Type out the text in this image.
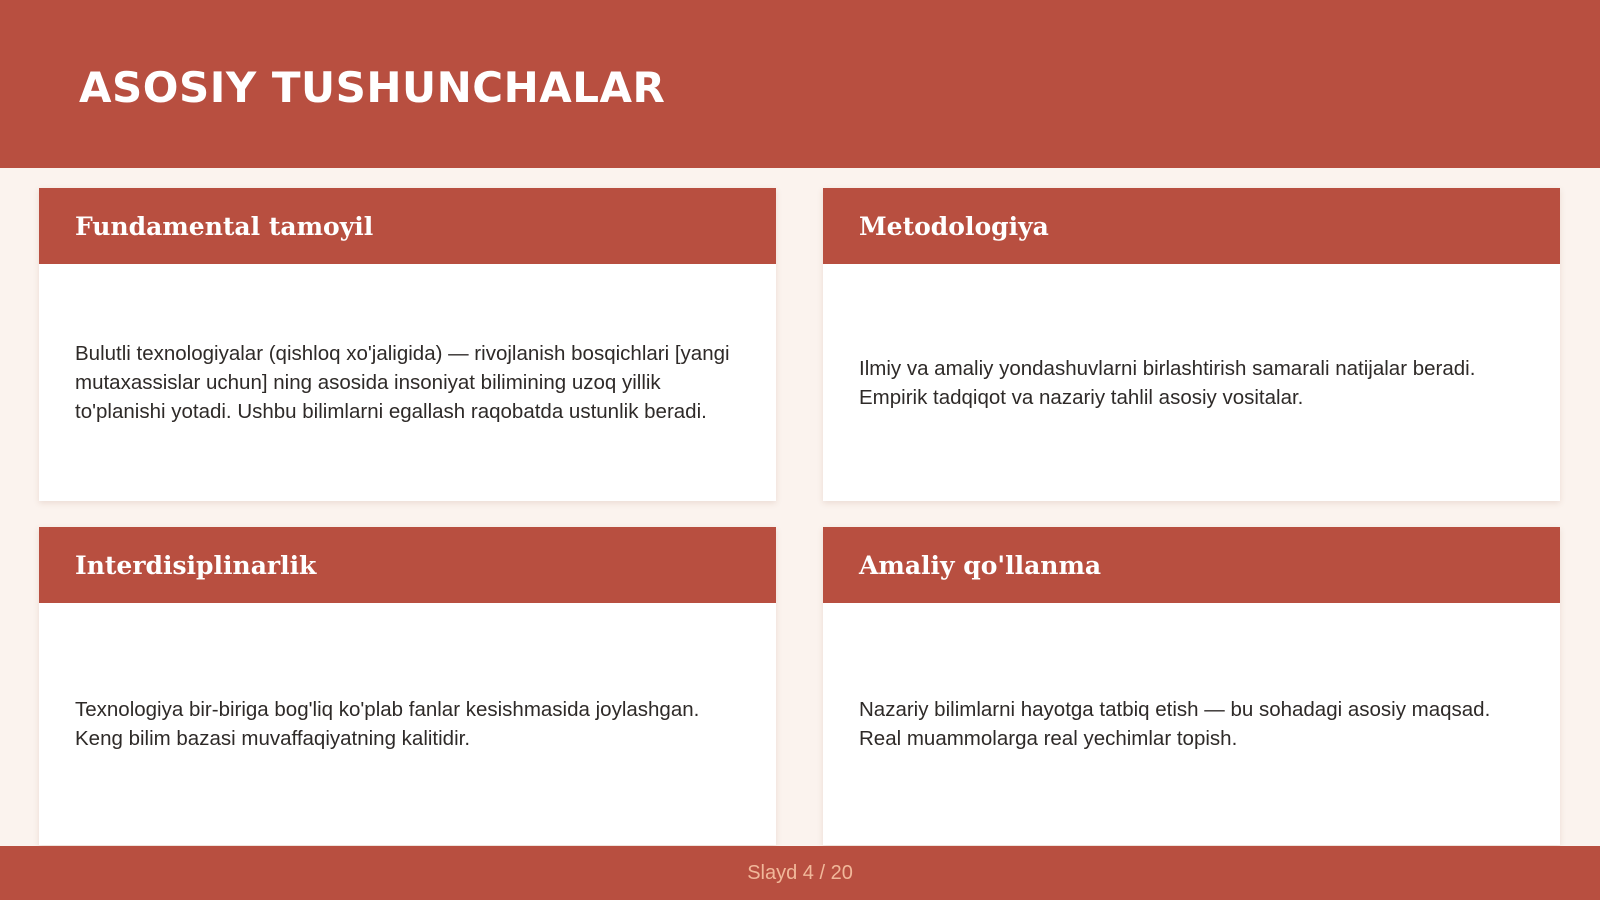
ASOSIY TUSHUNCHALAR
Fundamental tamoyil

Bulutli texnologiyalar (qishloq xo'jaligida) — rivojlanish bosqichlari [yangi mutaxassislar uchun] ning asosida insoniyat bilimining uzoq yillik to'planishi yotadi. Ushbu bilimlarni egallash raqobatda ustunlik beradi.

Metodologiya

Ilmiy va amaliy yondashuvlarni birlashtirish samarali natijalar beradi. Empirik tadqiqot va nazariy tahlil asosiy vositalar.

Interdisiplinarlik

Texnologiya bir-biriga bog'liq ko'plab fanlar kesishmasida joylashgan. Keng bilim bazasi muvaffaqiyatning kalitidir.

Amaliy qo'llanma

Nazariy bilimlarni hayotga tatbiq etish — bu sohadagi asosiy maqsad. Real muammolarga real yechimlar topish.

Slayd 4 / 20
